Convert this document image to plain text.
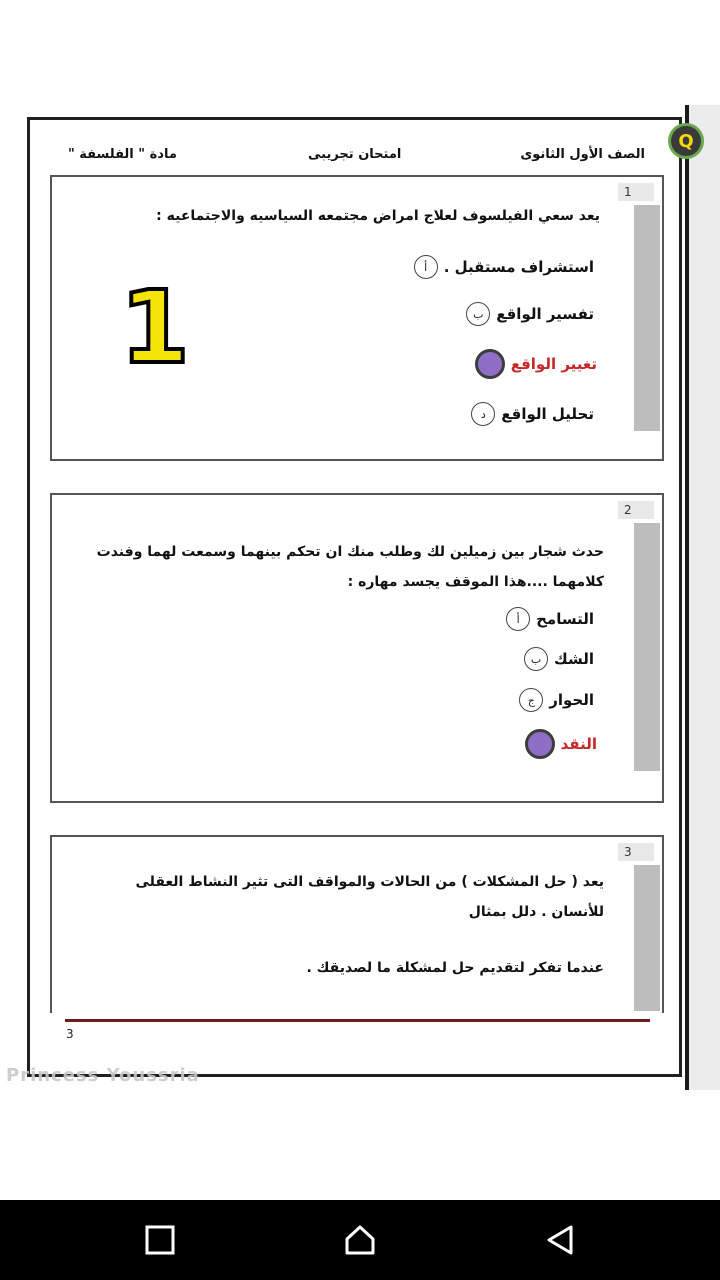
Q
الصف الأول الثانوى
امتحان تجريبى
مادة " الفلسفة "
1
يعد سعي الفيلسوف لعلاج امراض مجتمعه السياسيه والاجتماعيه :
أ	استشراف مستقبل .
ب تفسير الواقع
تغيير الواقع
د	تحليل الواقع
1
2
حدث شجار بين زميلين لك وطلب منك ان تحكم بينهما وسمعت لهما وفندت
كلامهما ....هذا الموقف يجسد مهاره :
أ	التسامح
ب الشك
ج الحوار
النقد
3
يعد ( حل المشكلات ) من الحالات والمواقف التى تثير النشاط العقلى
للأنسان . دلل بمثال
عندما تفكر لتقديم حل لمشكلة ما لصديقك .
3
Princess Youssria
